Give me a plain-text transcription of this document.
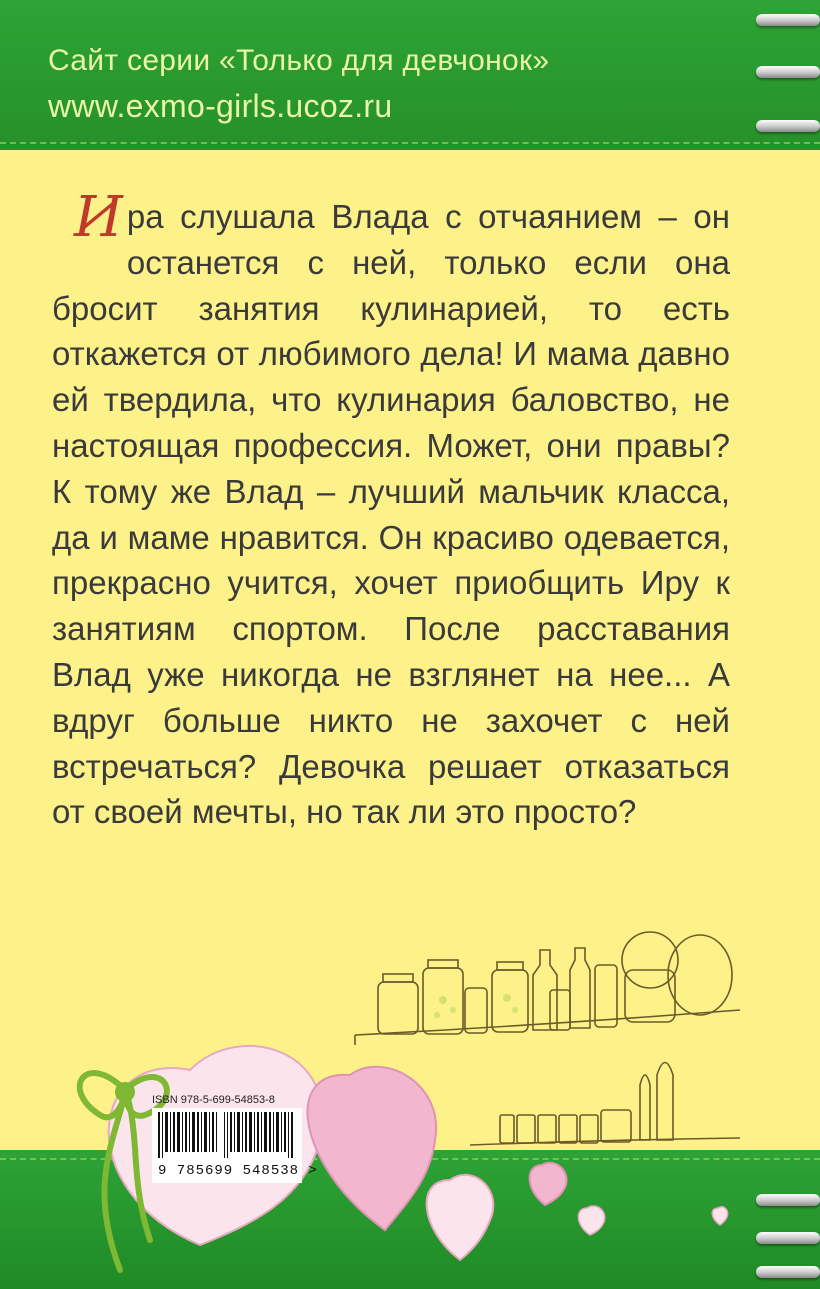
Сайт серии «Только для девчонок»
www.exmo-girls.ucoz.ru
Ира слушала Влада с отчаянием – он останется с ней, только если она бросит занятия кулинарией, то есть откажется от любимого дела! И мама давно ей твердила, что кулинария баловство, не настоящая профессия. Может, они правы? К тому же Влад – лучший мальчик класса, да и маме нравится. Он красиво одевается, прекрасно учится, хочет приобщить Иру к занятиям спортом. После расставания Влад уже никогда не взглянет на нее... А вдруг больше никто не захочет с ней встречаться? Девочка решает отказаться от своей мечты, но так ли это просто?
ISBN 978-5-699-54853-8
9 785699 548538 >
